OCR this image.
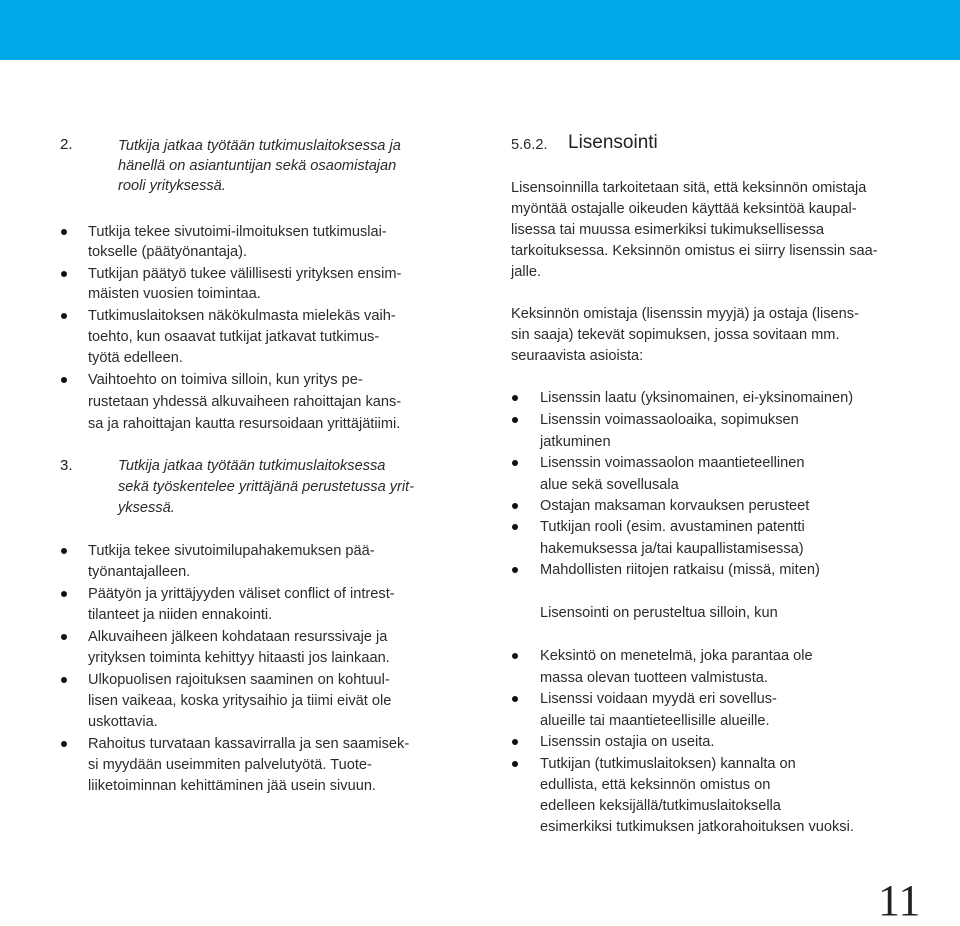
2.	Tutkija jatkaa työtään tutkimuslaitoksessa ja
hänellä on asiantuntijan sekä osaomistajan
rooli yrityksessä.
Tutkija tekee sivutoimi-ilmoituksen tutkimuslai-
tokselle (päätyönantaja).
Tutkijan päätyö tukee välillisesti yrityksen ensim-
mäisten vuosien toimintaa.
Tutkimuslaitoksen näkökulmasta mielekäs vaih-
toehto, kun osaavat tutkijat jatkavat tutkimus-
työtä edelleen.
Vaihtoehto on toimiva silloin, kun yritys pe-
rustetaan yhdessä alkuvaiheen rahoittajan kans-
sa ja rahoittajan kautta resursoidaan yrittäjätiimi.
3.	Tutkija jatkaa työtään tutkimuslaitoksessa
sekä työskentelee yrittäjänä perustetussa yrit-
yksessä.
Tutkija tekee sivutoimilupahakemuksen pää-
työnantajalleen.
Päätyön ja yrittäjyyden väliset conflict of intrest-
tilanteet ja niiden ennakointi.
Alkuvaiheen jälkeen kohdataan resurssivaje ja
yrityksen toiminta kehittyy hitaasti jos lainkaan.
Ulkopuolisen rajoituksen saaminen on kohtuul-
lisen vaikeaa, koska yritysaihio ja tiimi eivät ole
uskottavia.
Rahoitus turvataan kassavirralla ja sen saamisek-
si myydään useimmiten palvelutyötä. Tuote-
liiketoiminnan kehittäminen jää usein sivuun.
5.6.2. Lisensointi
Lisensoinnilla tarkoitetaan sitä, että keksinnön omistaja
myöntää ostajalle oikeuden käyttää keksintöä kaupal-
lisessa tai muussa esimerkiksi tukimuksellisessa
tarkoituksessa. Keksinnön omistus ei siirry lisenssin saa-
jalle.
Keksinnön omistaja (lisenssin myyjä) ja ostaja (lisens-
sin saaja) tekevät sopimuksen, jossa sovitaan mm.
seuraavista asioista:
Lisenssin laatu (yksinomainen, ei-yksinomainen)
Lisenssin voimassaoloaika, sopimuksen
jatkuminen
Lisenssin voimassaolon maantieteellinen
alue sekä sovellusala
Ostajan maksaman korvauksen perusteet
Tutkijan rooli (esim. avustaminen patentti
hakemuksessa ja/tai kaupallistamisessa)
Mahdollisten riitojen ratkaisu (missä, miten)
Lisensointi on perusteltua silloin, kun
Keksintö on menetelmä, joka parantaa ole
massa olevan tuotteen valmistusta.
Lisenssi voidaan myydä eri sovellus-
alueille tai maantieteellisille alueille.
Lisenssin ostajia on useita.
Tutkijan (tutkimuslaitoksen) kannalta on
edullista, että keksinnön omistus on
edelleen keksijällä/tutkimuslaitoksella
esimerkiksi tutkimuksen jatkorahoituksen vuoksi.
11
